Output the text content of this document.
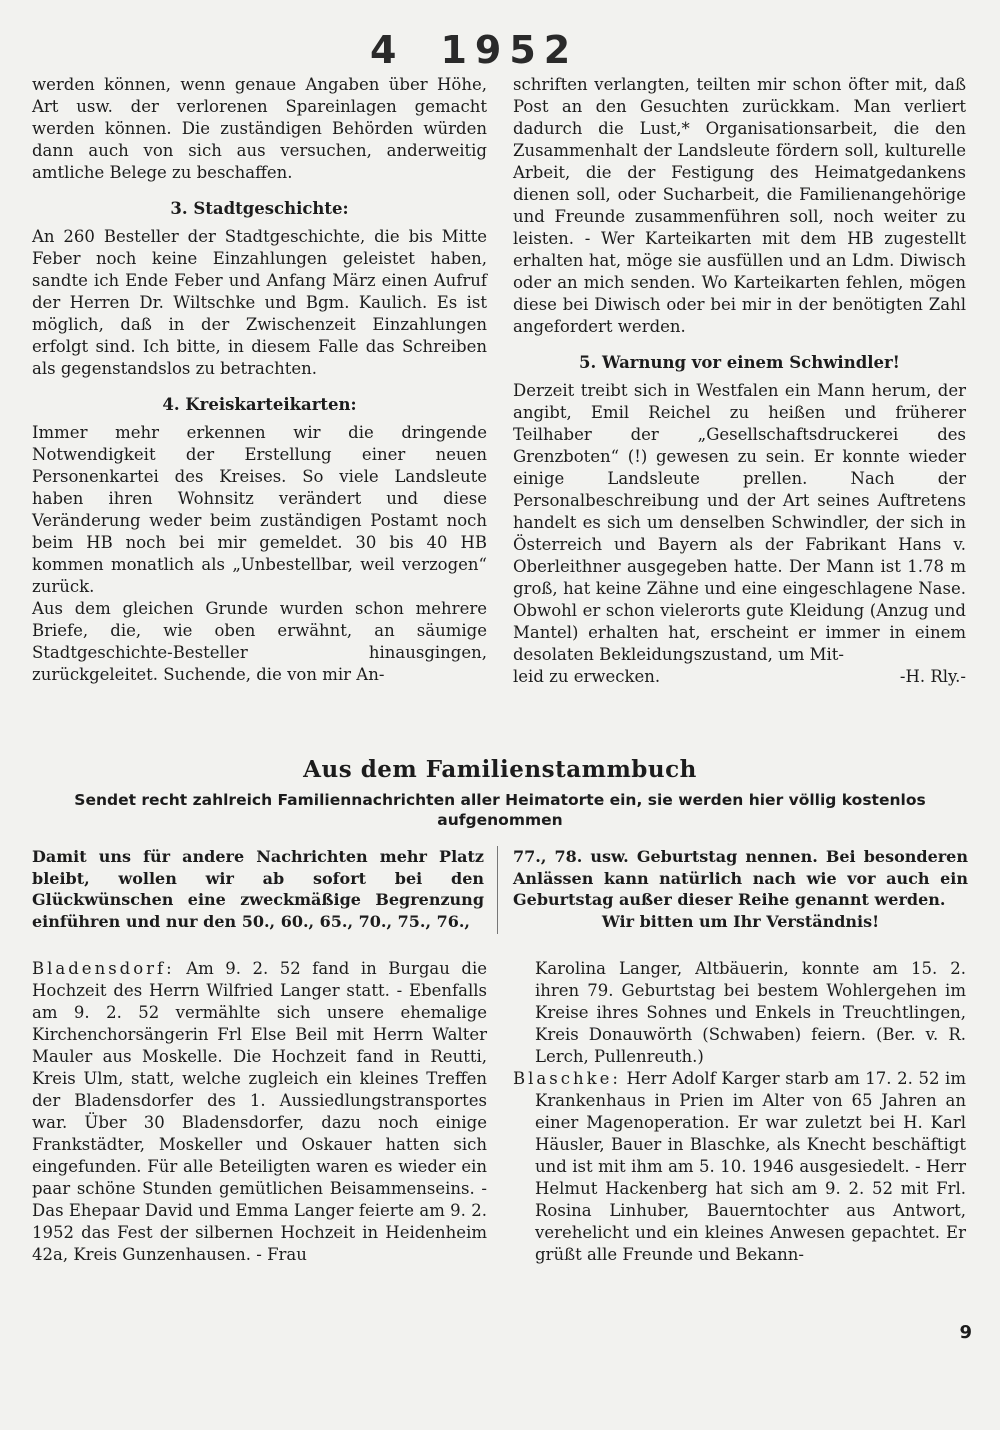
4 1952

werden können, wenn genaue Angaben über Höhe, Art usw. der verlorenen Spareinlagen gemacht werden können. Die zuständigen Behörden würden dann auch von sich aus versuchen, anderweitig amtliche Belege zu beschaffen.

3. Stadtgeschichte:

An 260 Besteller der Stadtgeschichte, die bis Mitte Feber noch keine Einzahlungen geleistet haben, sandte ich Ende Feber und Anfang März einen Aufruf der Herren Dr. Wiltschke und Bgm. Kaulich. Es ist möglich, daß in der Zwischenzeit Einzahlungen erfolgt sind. Ich bitte, in diesem Falle das Schreiben als gegenstandslos zu betrachten.

4. Kreiskarteikarten:

Immer mehr erkennen wir die dringende Notwendigkeit der Erstellung einer neuen Personenkartei des Kreises. So viele Landsleute haben ihren Wohnsitz verändert und diese Veränderung weder beim zuständigen Postamt noch beim HB noch bei mir gemeldet. 30 bis 40 HB kommen monatlich als „Unbestellbar, weil verzogen“ zurück.

Aus dem gleichen Grunde wurden schon mehrere Briefe, die, wie oben erwähnt, an säumige Stadtgeschichte-Besteller hinausgingen, zurückgeleitet. Suchende, die von mir An-

schriften verlangten, teilten mir schon öfter mit, daß Post an den Gesuchten zurückkam. Man verliert dadurch die Lust,* Organisationsarbeit, die den Zusammenhalt der Landsleute fördern soll, kulturelle Arbeit, die der Festigung des Heimatgedankens dienen soll, oder Sucharbeit, die Familienangehörige und Freunde zusammenführen soll, noch weiter zu leisten. - Wer Karteikarten mit dem HB zugestellt erhalten hat, möge sie ausfüllen und an Ldm. Diwisch oder an mich senden. Wo Karteikarten fehlen, mögen diese bei Diwisch oder bei mir in der benötigten Zahl angefordert werden.

5. Warnung vor einem Schwindler!

Derzeit treibt sich in Westfalen ein Mann herum, der angibt, Emil Reichel zu heißen und früherer Teilhaber der „Gesellschaftsdruckerei des Grenzboten“ (!) gewesen zu sein. Er konnte wieder einige Landsleute prellen. Nach der Personalbeschreibung und der Art seines Auftretens handelt es sich um denselben Schwindler, der sich in Österreich und Bayern als der Fabrikant Hans v. Oberleithner ausgegeben hatte. Der Mann ist 1.78 m groß, hat keine Zähne und eine eingeschlagene Nase. Obwohl er schon vielerorts gute Kleidung (Anzug und Mantel) erhalten hat, erscheint er immer in einem desolaten Bekleidungszustand, um Mit-

leid zu erwecken.	-H. Rly.-
Aus dem Familienstammbuch
Sendet recht zahlreich Familiennachrichten aller Heimatorte ein, sie werden hier völlig kostenlos aufgenommen
Damit uns für andere Nachrichten mehr Platz bleibt, wollen wir ab sofort bei den Glückwünschen eine zweckmäßige Begrenzung einführen und nur den 50., 60., 65., 70., 75., 76.,
77., 78. usw. Geburtstag nennen. Bei besonderen Anlässen kann natürlich nach wie vor auch ein Geburtstag außer dieser Reihe genannt werden.
Wir bitten um Ihr Verständnis!

Bladensdorf: Am 9. 2. 52 fand in Burgau die Hochzeit des Herrn Wilfried Langer statt. - Ebenfalls am 9. 2. 52 vermählte sich unsere ehemalige Kirchenchorsängerin Frl Else Beil mit Herrn Walter Mauler aus Moskelle. Die Hochzeit fand in Reutti, Kreis Ulm, statt, welche zugleich ein kleines Treffen der Bladensdorfer des 1. Aussiedlungstransportes war. Über 30 Bladensdorfer, dazu noch einige Frankstädter, Moskeller und Oskauer hatten sich eingefunden. Für alle Beteiligten waren es wieder ein paar schöne Stunden gemütlichen Beisammenseins. - Das Ehepaar David und Emma Langer feierte am 9. 2. 1952 das Fest der silbernen Hochzeit in Heidenheim 42a, Kreis Gunzenhausen. - Frau

Karolina Langer, Altbäuerin, konnte am 15. 2. ihren 79. Geburtstag bei bestem Wohlergehen im Kreise ihres Sohnes und Enkels in Treuchtlingen, Kreis Donauwörth (Schwaben) feiern. (Ber. v. R. Lerch, Pullenreuth.)

Blaschke: Herr Adolf Karger starb am 17. 2. 52 im Krankenhaus in Prien im Alter von 65 Jahren an einer Magenoperation. Er war zuletzt bei H. Karl Häusler, Bauer in Blaschke, als Knecht beschäftigt und ist mit ihm am 5. 10. 1946 ausgesiedelt. - Herr Helmut Hackenberg hat sich am 9. 2. 52 mit Frl. Rosina Linhuber, Bauerntochter aus Antwort, verehelicht und ein kleines Anwesen gepachtet. Er grüßt alle Freunde und Bekann-

9
